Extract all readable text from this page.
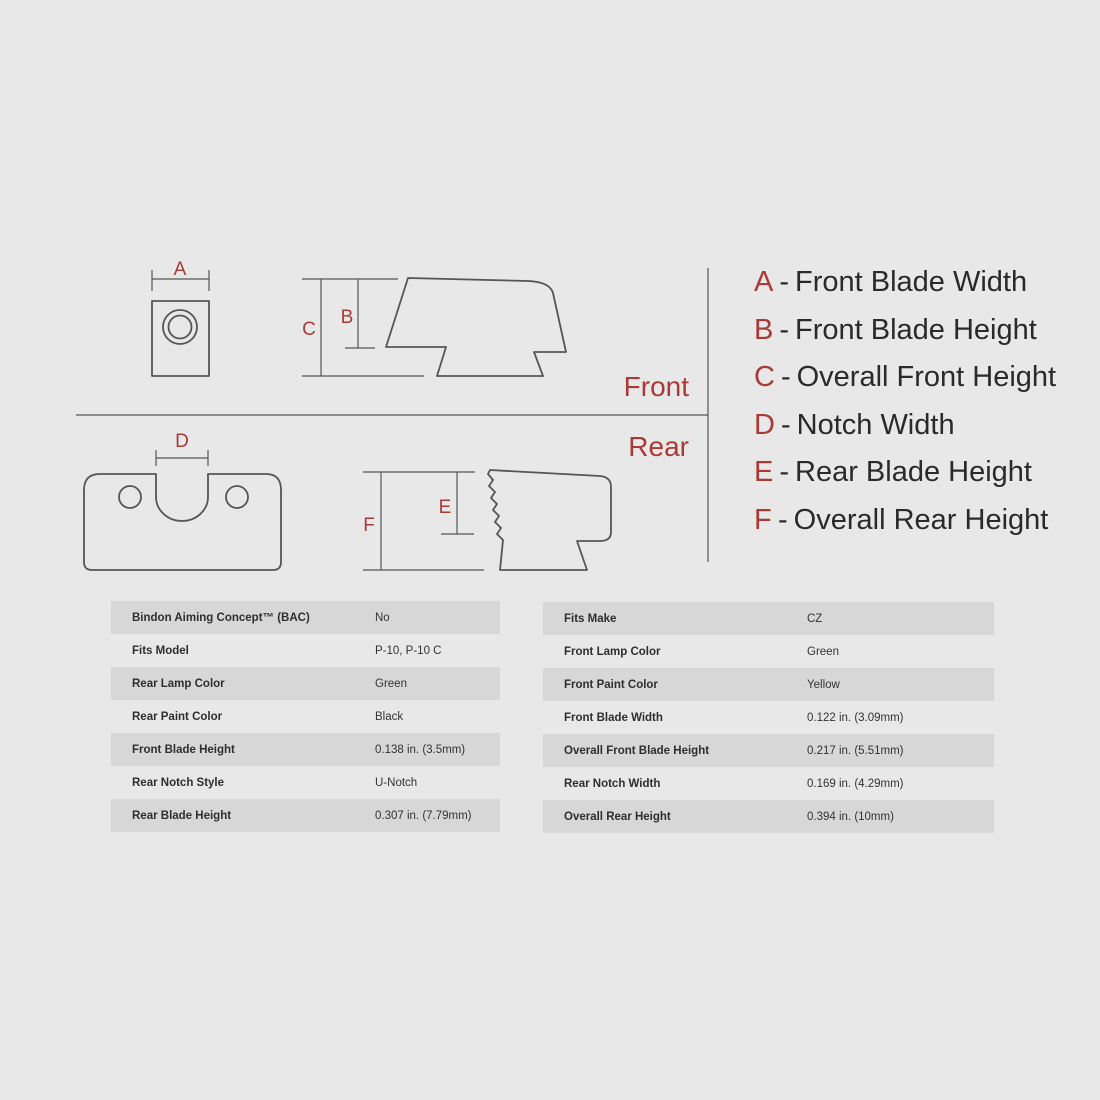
A
B
C
D
E
F
Front
Rear
A - Front Blade Width
B - Front Blade Height
C - Overall Front Height
D - Notch Width
E - Rear Blade Height
F - Overall Rear Height
Bindon Aiming Concept™ (BAC)	No
Fits Model	P-10, P-10 C
Rear Lamp Color	Green
Rear Paint Color	Black
Front Blade Height	0.138 in. (3.5mm)
Rear Notch Style	U-Notch
Rear Blade Height	0.307 in. (7.79mm)
Fits Make	CZ
Front Lamp Color	Green
Front Paint Color	Yellow
Front Blade Width	0.122 in. (3.09mm)
Overall Front Blade Height	0.217 in. (5.51mm)
Rear Notch Width	0.169 in. (4.29mm)
Overall Rear Height	0.394 in. (10mm)
